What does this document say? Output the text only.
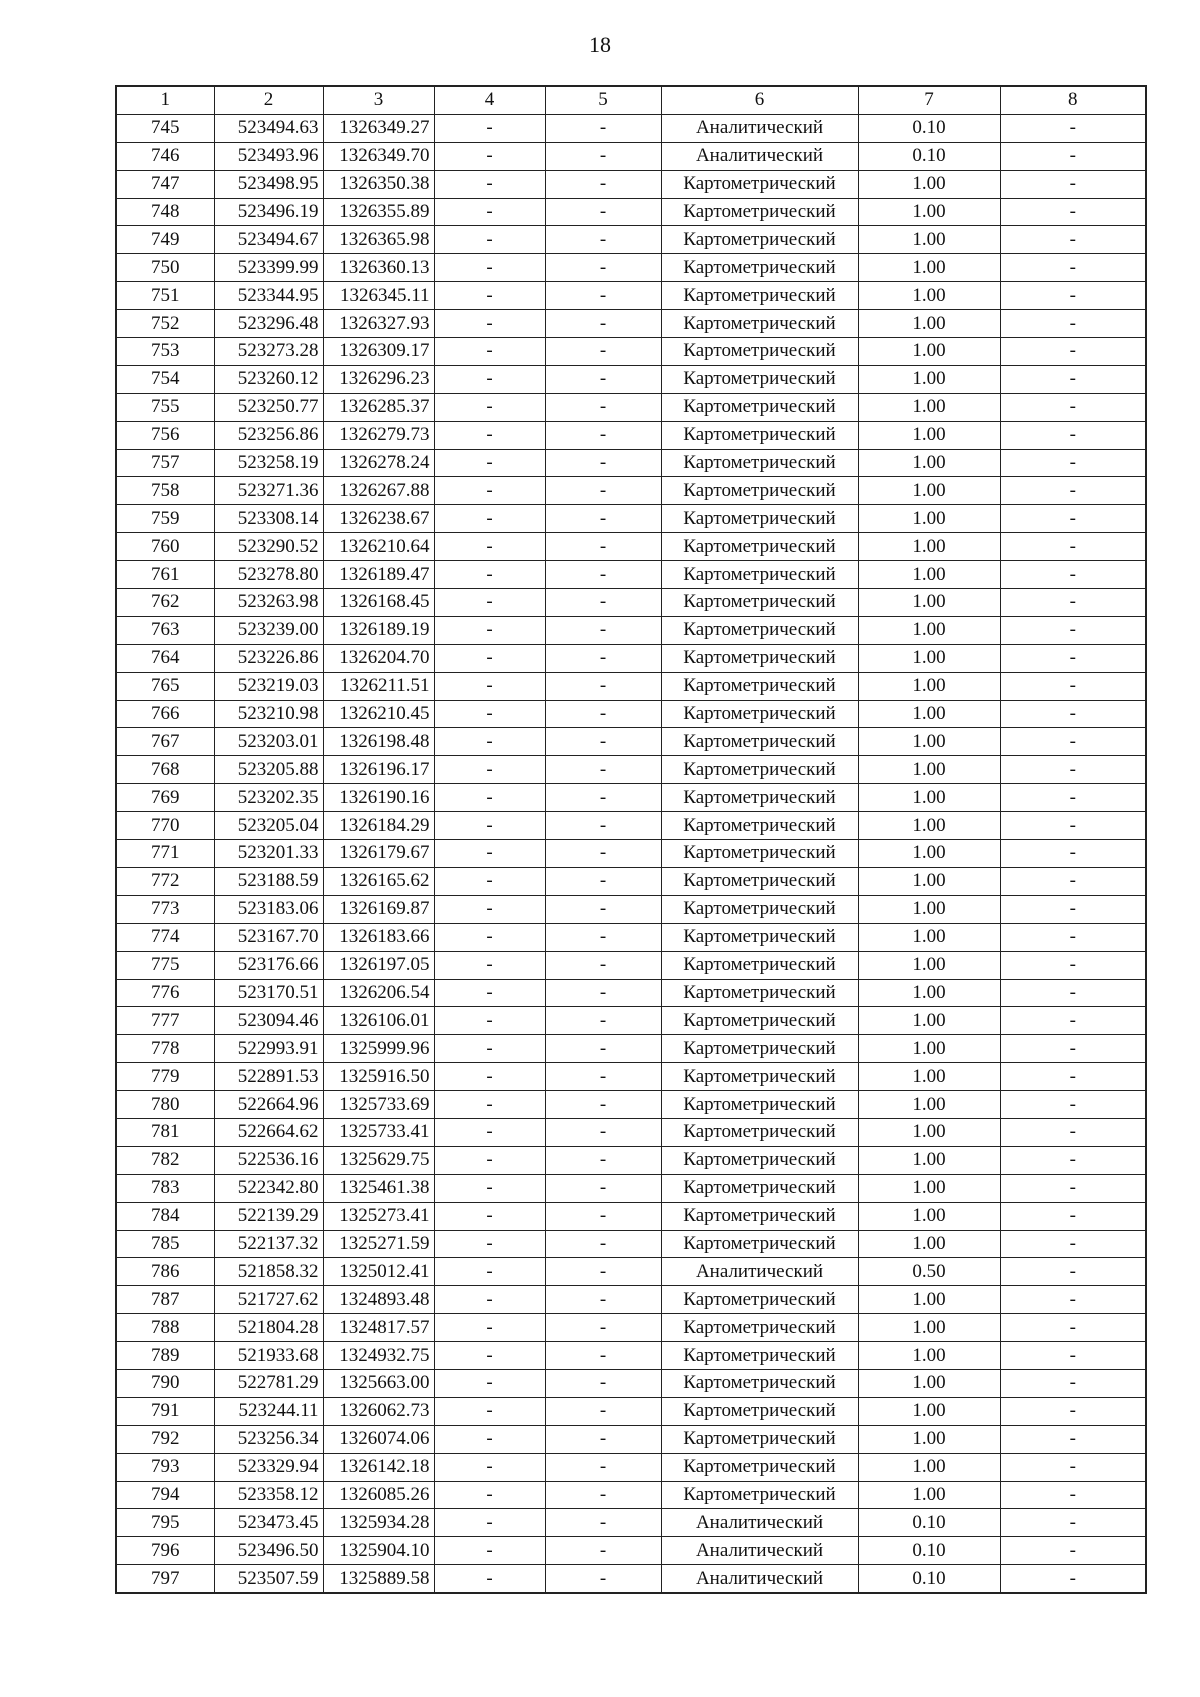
18
1	2	3	4	5	6	7	8
745	523494.63	1326349.27	-	-	Аналитический	0.10	-
746	523493.96	1326349.70	-	-	Аналитический	0.10	-
747	523498.95	1326350.38	-	-	Картометрический	1.00	-
748	523496.19	1326355.89	-	-	Картометрический	1.00	-
749	523494.67	1326365.98	-	-	Картометрический	1.00	-
750	523399.99	1326360.13	-	-	Картометрический	1.00	-
751	523344.95	1326345.11	-	-	Картометрический	1.00	-
752	523296.48	1326327.93	-	-	Картометрический	1.00	-
753	523273.28	1326309.17	-	-	Картометрический	1.00	-
754	523260.12	1326296.23	-	-	Картометрический	1.00	-
755	523250.77	1326285.37	-	-	Картометрический	1.00	-
756	523256.86	1326279.73	-	-	Картометрический	1.00	-
757	523258.19	1326278.24	-	-	Картометрический	1.00	-
758	523271.36	1326267.88	-	-	Картометрический	1.00	-
759	523308.14	1326238.67	-	-	Картометрический	1.00	-
760	523290.52	1326210.64	-	-	Картометрический	1.00	-
761	523278.80	1326189.47	-	-	Картометрический	1.00	-
762	523263.98	1326168.45	-	-	Картометрический	1.00	-
763	523239.00	1326189.19	-	-	Картометрический	1.00	-
764	523226.86	1326204.70	-	-	Картометрический	1.00	-
765	523219.03	1326211.51	-	-	Картометрический	1.00	-
766	523210.98	1326210.45	-	-	Картометрический	1.00	-
767	523203.01	1326198.48	-	-	Картометрический	1.00	-
768	523205.88	1326196.17	-	-	Картометрический	1.00	-
769	523202.35	1326190.16	-	-	Картометрический	1.00	-
770	523205.04	1326184.29	-	-	Картометрический	1.00	-
771	523201.33	1326179.67	-	-	Картометрический	1.00	-
772	523188.59	1326165.62	-	-	Картометрический	1.00	-
773	523183.06	1326169.87	-	-	Картометрический	1.00	-
774	523167.70	1326183.66	-	-	Картометрический	1.00	-
775	523176.66	1326197.05	-	-	Картометрический	1.00	-
776	523170.51	1326206.54	-	-	Картометрический	1.00	-
777	523094.46	1326106.01	-	-	Картометрический	1.00	-
778	522993.91	1325999.96	-	-	Картометрический	1.00	-
779	522891.53	1325916.50	-	-	Картометрический	1.00	-
780	522664.96	1325733.69	-	-	Картометрический	1.00	-
781	522664.62	1325733.41	-	-	Картометрический	1.00	-
782	522536.16	1325629.75	-	-	Картометрический	1.00	-
783	522342.80	1325461.38	-	-	Картометрический	1.00	-
784	522139.29	1325273.41	-	-	Картометрический	1.00	-
785	522137.32	1325271.59	-	-	Картометрический	1.00	-
786	521858.32	1325012.41	-	-	Аналитический	0.50	-
787	521727.62	1324893.48	-	-	Картометрический	1.00	-
788	521804.28	1324817.57	-	-	Картометрический	1.00	-
789	521933.68	1324932.75	-	-	Картометрический	1.00	-
790	522781.29	1325663.00	-	-	Картометрический	1.00	-
791	523244.11	1326062.73	-	-	Картометрический	1.00	-
792	523256.34	1326074.06	-	-	Картометрический	1.00	-
793	523329.94	1326142.18	-	-	Картометрический	1.00	-
794	523358.12	1326085.26	-	-	Картометрический	1.00	-
795	523473.45	1325934.28	-	-	Аналитический	0.10	-
796	523496.50	1325904.10	-	-	Аналитический	0.10	-
797	523507.59	1325889.58	-	-	Аналитический	0.10	-
